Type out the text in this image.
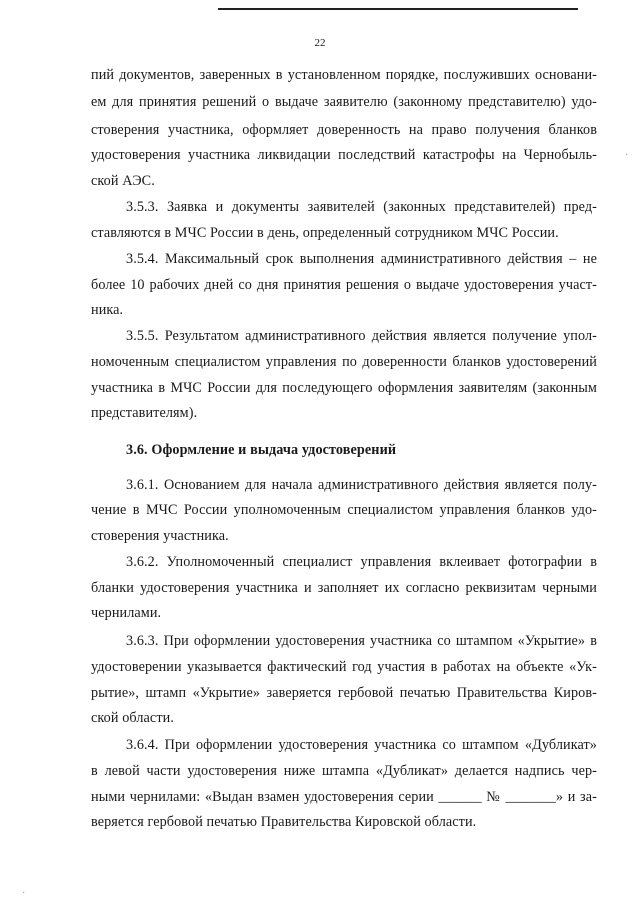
22
пий документов, заверенных в установленном порядке, послуживших основани-
ем для принятия решений о выдаче заявителю (законному представителю) удо-
стоверения участника, оформляет доверенность на право получения бланков
удостоверения участника ликвидации последствий катастрофы на Чернобыль-
ской АЭС.
3.5.3. Заявка и документы заявителей (законных представителей) пред-
ставляются в МЧС России в день, определенный сотрудником МЧС России.
3.5.4. Максимальный срок выполнения административного действия – не
более 10 рабочих дней со дня принятия решения о выдаче удостоверения участ-
ника.
3.5.5. Результатом административного действия является получение упол-
номоченным специалистом управления по доверенности бланков удостоверений
участника в МЧС России для последующего оформления заявителям (законным
представителям).
3.6. Оформление и выдача удостоверений
3.6.1. Основанием для начала административного действия является полу-
чение в МЧС России уполномоченным специалистом управления бланков удо-
стоверения участника.
3.6.2. Уполномоченный специалист управления вклеивает фотографии в
бланки удостоверения участника и заполняет их согласно реквизитам черными
чернилами.
3.6.3. При оформлении удостоверения участника со штампом «Укрытие» в
удостоверении указывается фактический год участия в работах на объекте «Ук-
рытие», штамп «Укрытие» заверяется гербовой печатью Правительства Киров-
ской области.
3.6.4. При оформлении удостоверения участника со штампом «Дубликат»
в левой части удостоверения ниже штампа «Дубликат» делается надпись чер-
ными чернилами: «Выдан взамен удостоверения серии ______ № _______» и за-
веряется гербовой печатью Правительства Кировской области.
·
·
